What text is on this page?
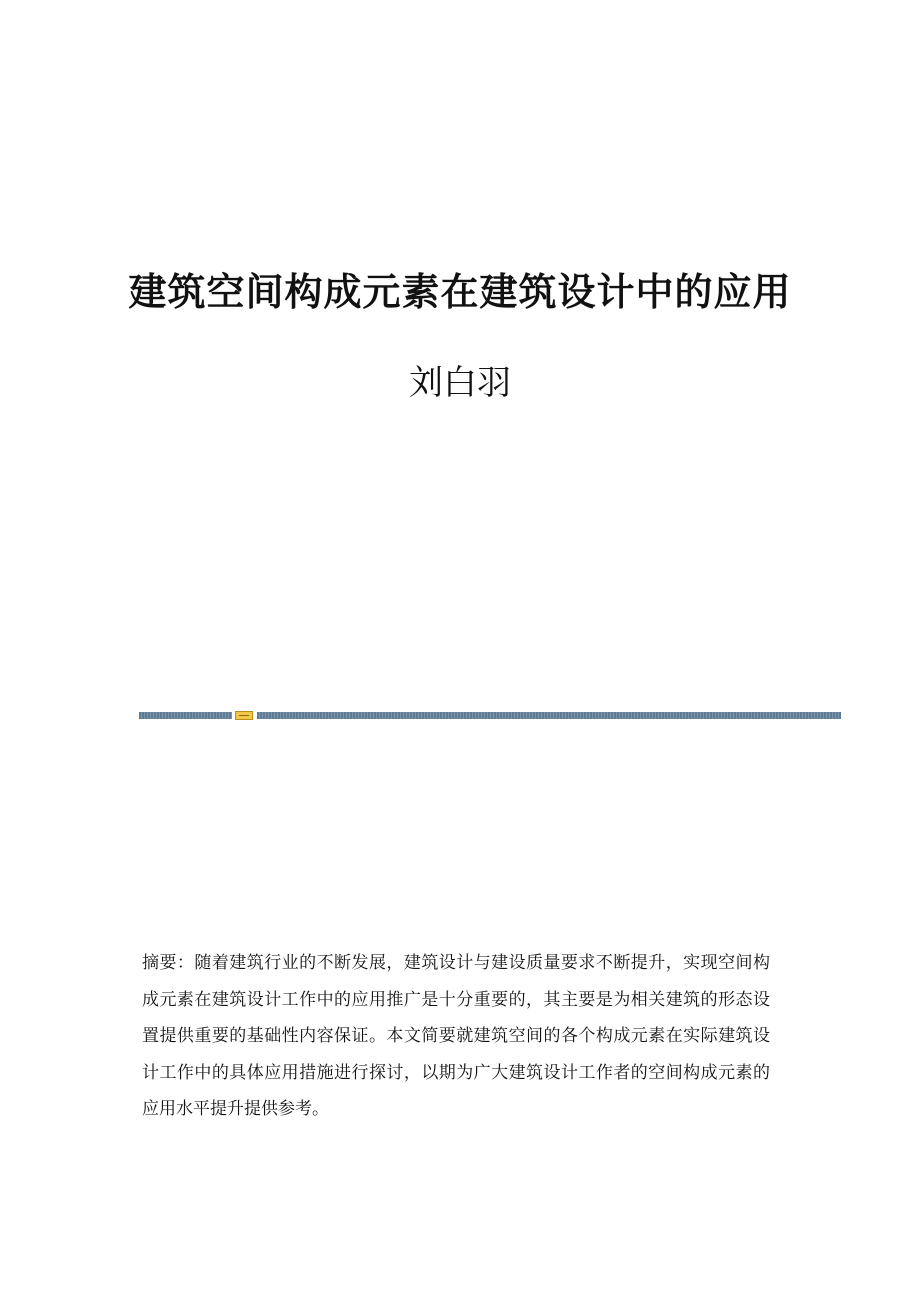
建筑空间构成元素在建筑设计中的应用
刘白羽

摘要：随着建筑行业的不断发展，建筑设计与建设质量要求不断提升，实现空间构成元素在建筑设计工作中的应用推广是十分重要的，其主要是为相关建筑的形态设置提供重要的基础性内容保证。本文简要就建筑空间的各个构成元素在实际建筑设计工作中的具体应用措施进行探讨，以期为广大建筑设计工作者的空间构成元素的应用水平提升提供参考。
